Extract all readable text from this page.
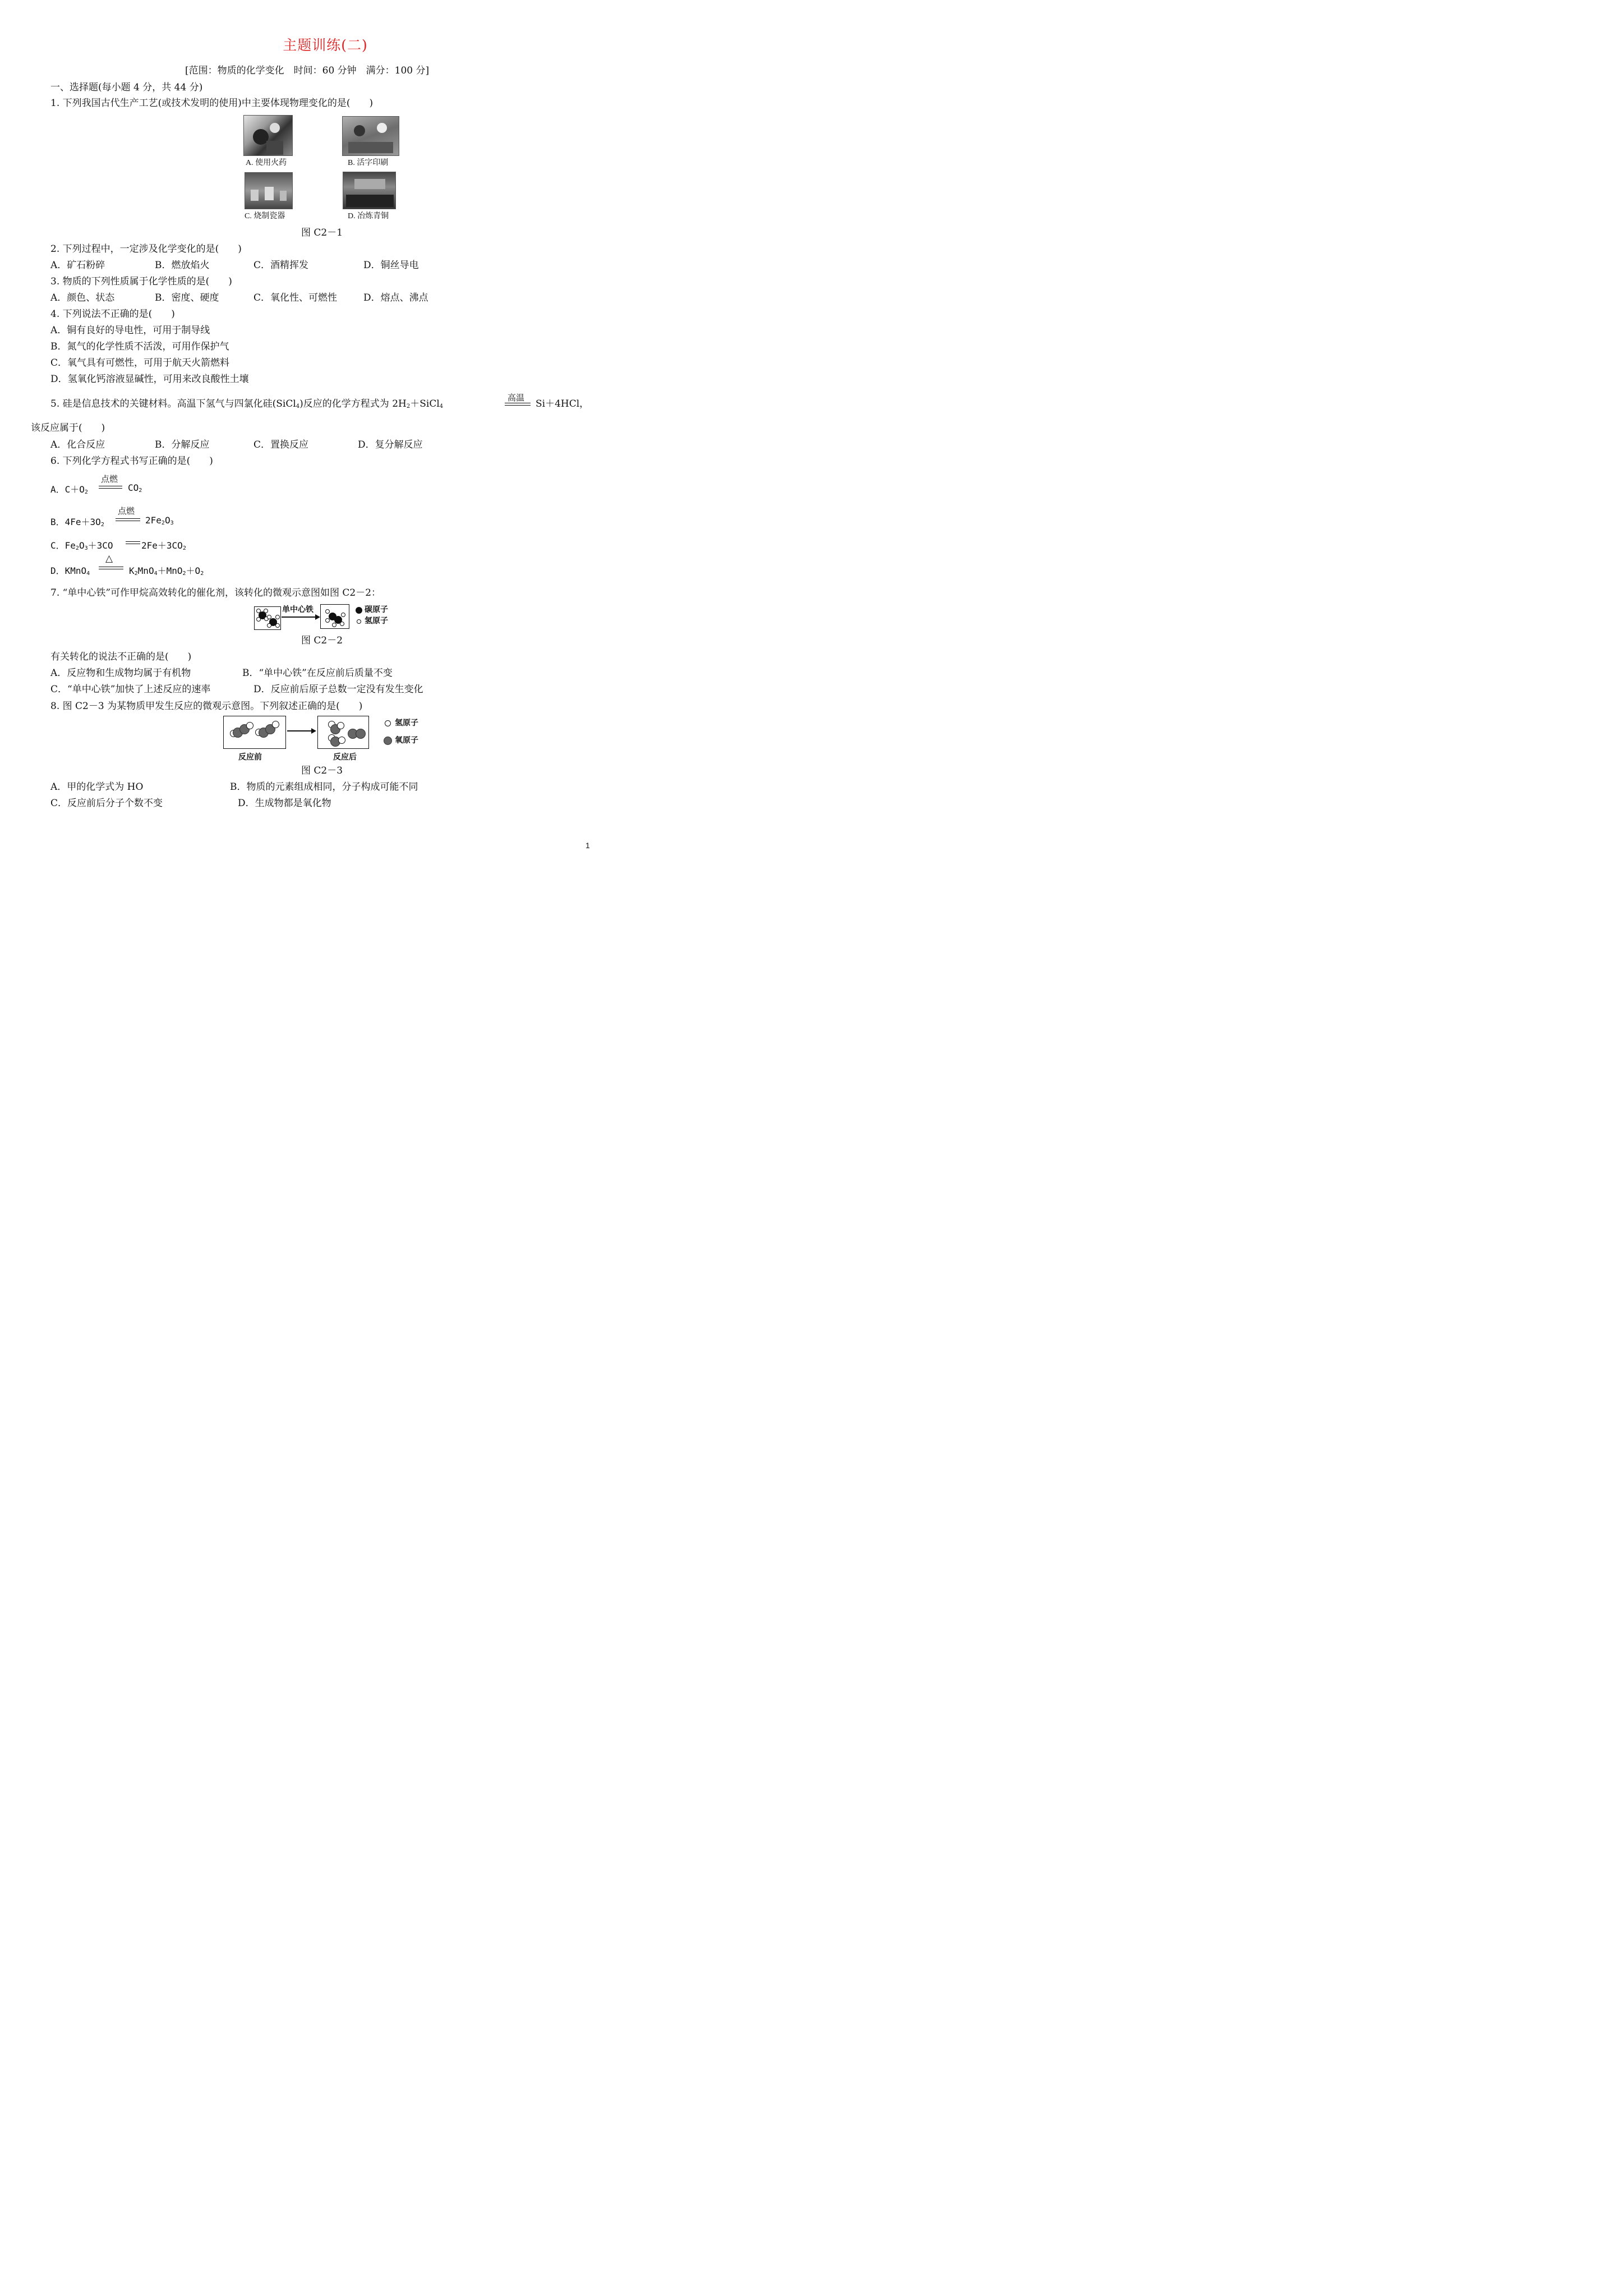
主题训练(二)
[范围：物质的化学变化　时间：60 分钟　满分：100 分]
一、选择题(每小题 4 分，共 44 分)
1. 下列我国古代生产工艺(或技术发明的使用)中主要体现物理变化的是(　　)
A. 使用火药	B. 活字印刷
C. 烧制瓷器	D. 冶炼青铜
图 C2－1
2. 下列过程中，一定涉及化学变化的是(　　)
A．矿石粉碎	B．燃放焰火	C．酒精挥发	D．铜丝导电
3. 物质的下列性质属于化学性质的是(　　)
A．颜色、状态	B．密度、硬度	C．氧化性、可燃性	D．熔点、沸点
4. 下列说法不正确的是(　　)
A．铜有良好的导电性，可用于制导线
B．氮气的化学性质不活泼，可用作保护气
C．氧气具有可燃性，可用于航天火箭燃料
D．氢氧化钙溶液显碱性，可用来改良酸性土壤
5. 硅是信息技术的关键材料。高温下氢气与四氯化硅(SiCl$_4$)反应的化学方程式为 $2H_2+SiCl_4$
高温
Si＋4HCl，
该反应属于(　　)
A．化合反应	B．分解反应	C．置换反应	D．复分解反应
6. 下列化学方程式书写正确的是(　　)
A．$C+O_2$
点燃
$CO_2$
B．$4Fe+3O_2$
点燃
$2Fe_2O_3$
C．$Fe_2O_3+3CO$	$2Fe+3CO_2$
D．KMnO$_4$
△
$K_2MnO_4+MnO_2+O_2$
7. “单中心铁”可作甲烷高效转化的催化剂，该转化的微观示意图如图 C2－2：
单中心铁	碳原子
氢原子
图 C2－2
有关转化的说法不正确的是(　　)
A．反应物和生成物均属于有机物	B．“单中心铁”在反应前后质量不变
C．“单中心铁”加快了上述反应的速率	D．反应前后原子总数一定没有发生变化
8. 图 C2－3 为某物质甲发生反应的微观示意图。下列叙述正确的是(　　)
氢原子
氧原子
反应前	反应后
图 C2－3
A．甲的化学式为 HO	B．物质的元素组成相同，分子构成可能不同
C．反应前后分子个数不变	D．生成物都是氧化物
1
